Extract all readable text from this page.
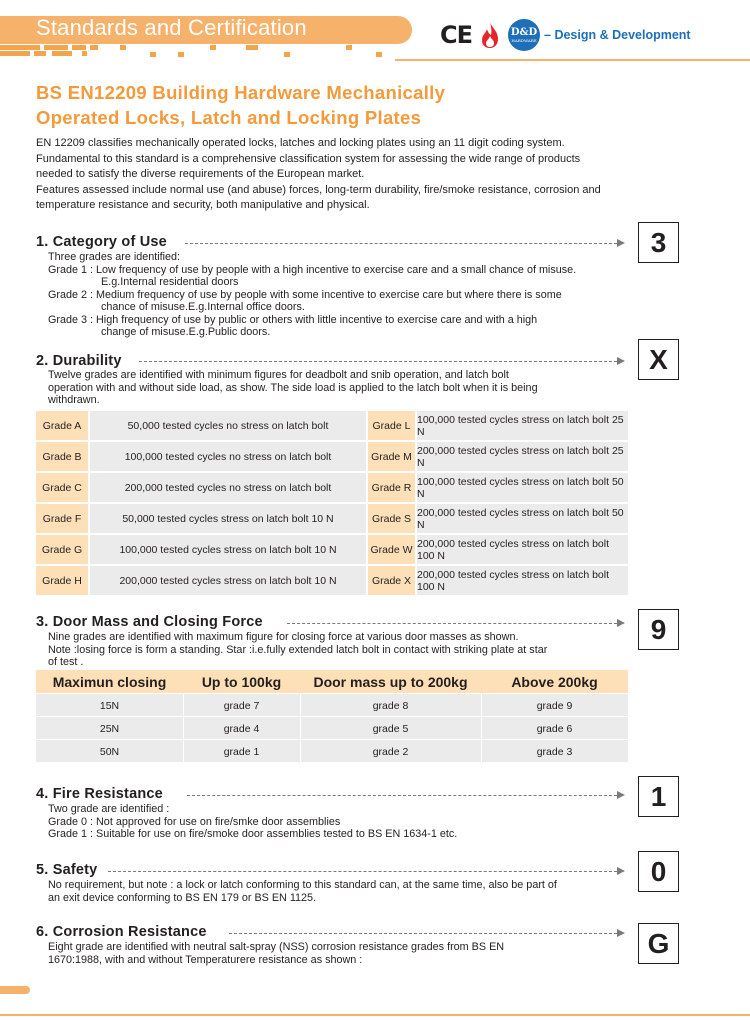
Standards and Certification	CE	D&D
HARDWARE – Design & Development
BS EN12209 Building Hardware Mechanically
Operated Locks, Latch and Locking Plates

EN 12209 classifies mechanically operated locks, latches and locking plates using an 11 digit coding system.

Fundamental to this standard is a comprehensive classification system for assessing the wide range of products

needed to satisfy the diverse requirements of the European market.

Features assessed include normal use (and abuse) forces, long-term durability, fire/smoke resistance, corrosion and

temperature resistance and security, both manipulative and physical.

1. Category of Use	3

Three grades are identified:

Grade 1 : Low frequency of use by people with a high incentive to exercise care and a small chance of misuse.

E.g.Internal residential doors

Grade 2 : Medium frequency of use by people with some incentive to exercise care but where there is some

chance of misuse.E.g.Internal office doors.

Grade 3 : High frequency of use by public or others with little incentive to exercise care and with a high

change of misuse.E.g.Public doors.

2. Durability	X

Twelve grades are identified with minimum figures for deadbolt and snib operation, and latch bolt

operation with and without side load, as show. The side load is applied to the latch bolt when it is being

withdrawn.

Grade A	50,000 tested cycles no stress on latch bolt	Grade L 100,000 tested cycles stress on latch bolt 25 N
Grade B	100,000 tested cycles no stress on latch bolt	Grade M 200,000 tested cycles stress on latch bolt 25 N
Grade C	200,000 tested cycles no stress on latch bolt	Grade R 100,000 tested cycles stress on latch bolt 50 N
Grade F	50,000 tested cycles stress on latch bolt 10 N	Grade S 200,000 tested cycles stress on latch bolt 50 N
Grade G	100,000 tested cycles stress on latch bolt 10 N	Grade W 200,000 tested cycles stress on latch bolt 100 N
Grade H	200,000 tested cycles stress on latch bolt 10 N	Grade X 200,000 tested cycles stress on latch bolt 100 N
3. Door Mass and Closing Force	9

Nine grades are identified with maximum figure for closing force at various door masses as shown.

Note :losing force is form a standing. Star :i.e.fully extended latch bolt in contact with striking plate at star

of test .

Maximun closing	Up to 100kg	Door mass up to 200kg	Above 200kg
15N	grade 7	grade 8	grade 9
25N	grade 4	grade 5	grade 6
50N	grade 1	grade 2	grade 3
4. Fire Resistance	1

Two grade are identified :

Grade 0 : Not approved for use on fire/smke door assemblies

Grade 1 : Suitable for use on fire/smoke door assemblies tested to BS EN 1634-1 etc.

5. Safety	0

No requirement, but note : a lock or latch conforming to this standard can, at the same time, also be part of

an exit device conforming to BS EN 179 or BS EN 1125.

6. Corrosion Resistance	G

Eight grade are identified with neutral salt-spray (NSS) corrosion resistance grades from BS EN

1670:1988, with and without Temperaturere resistance as shown :
